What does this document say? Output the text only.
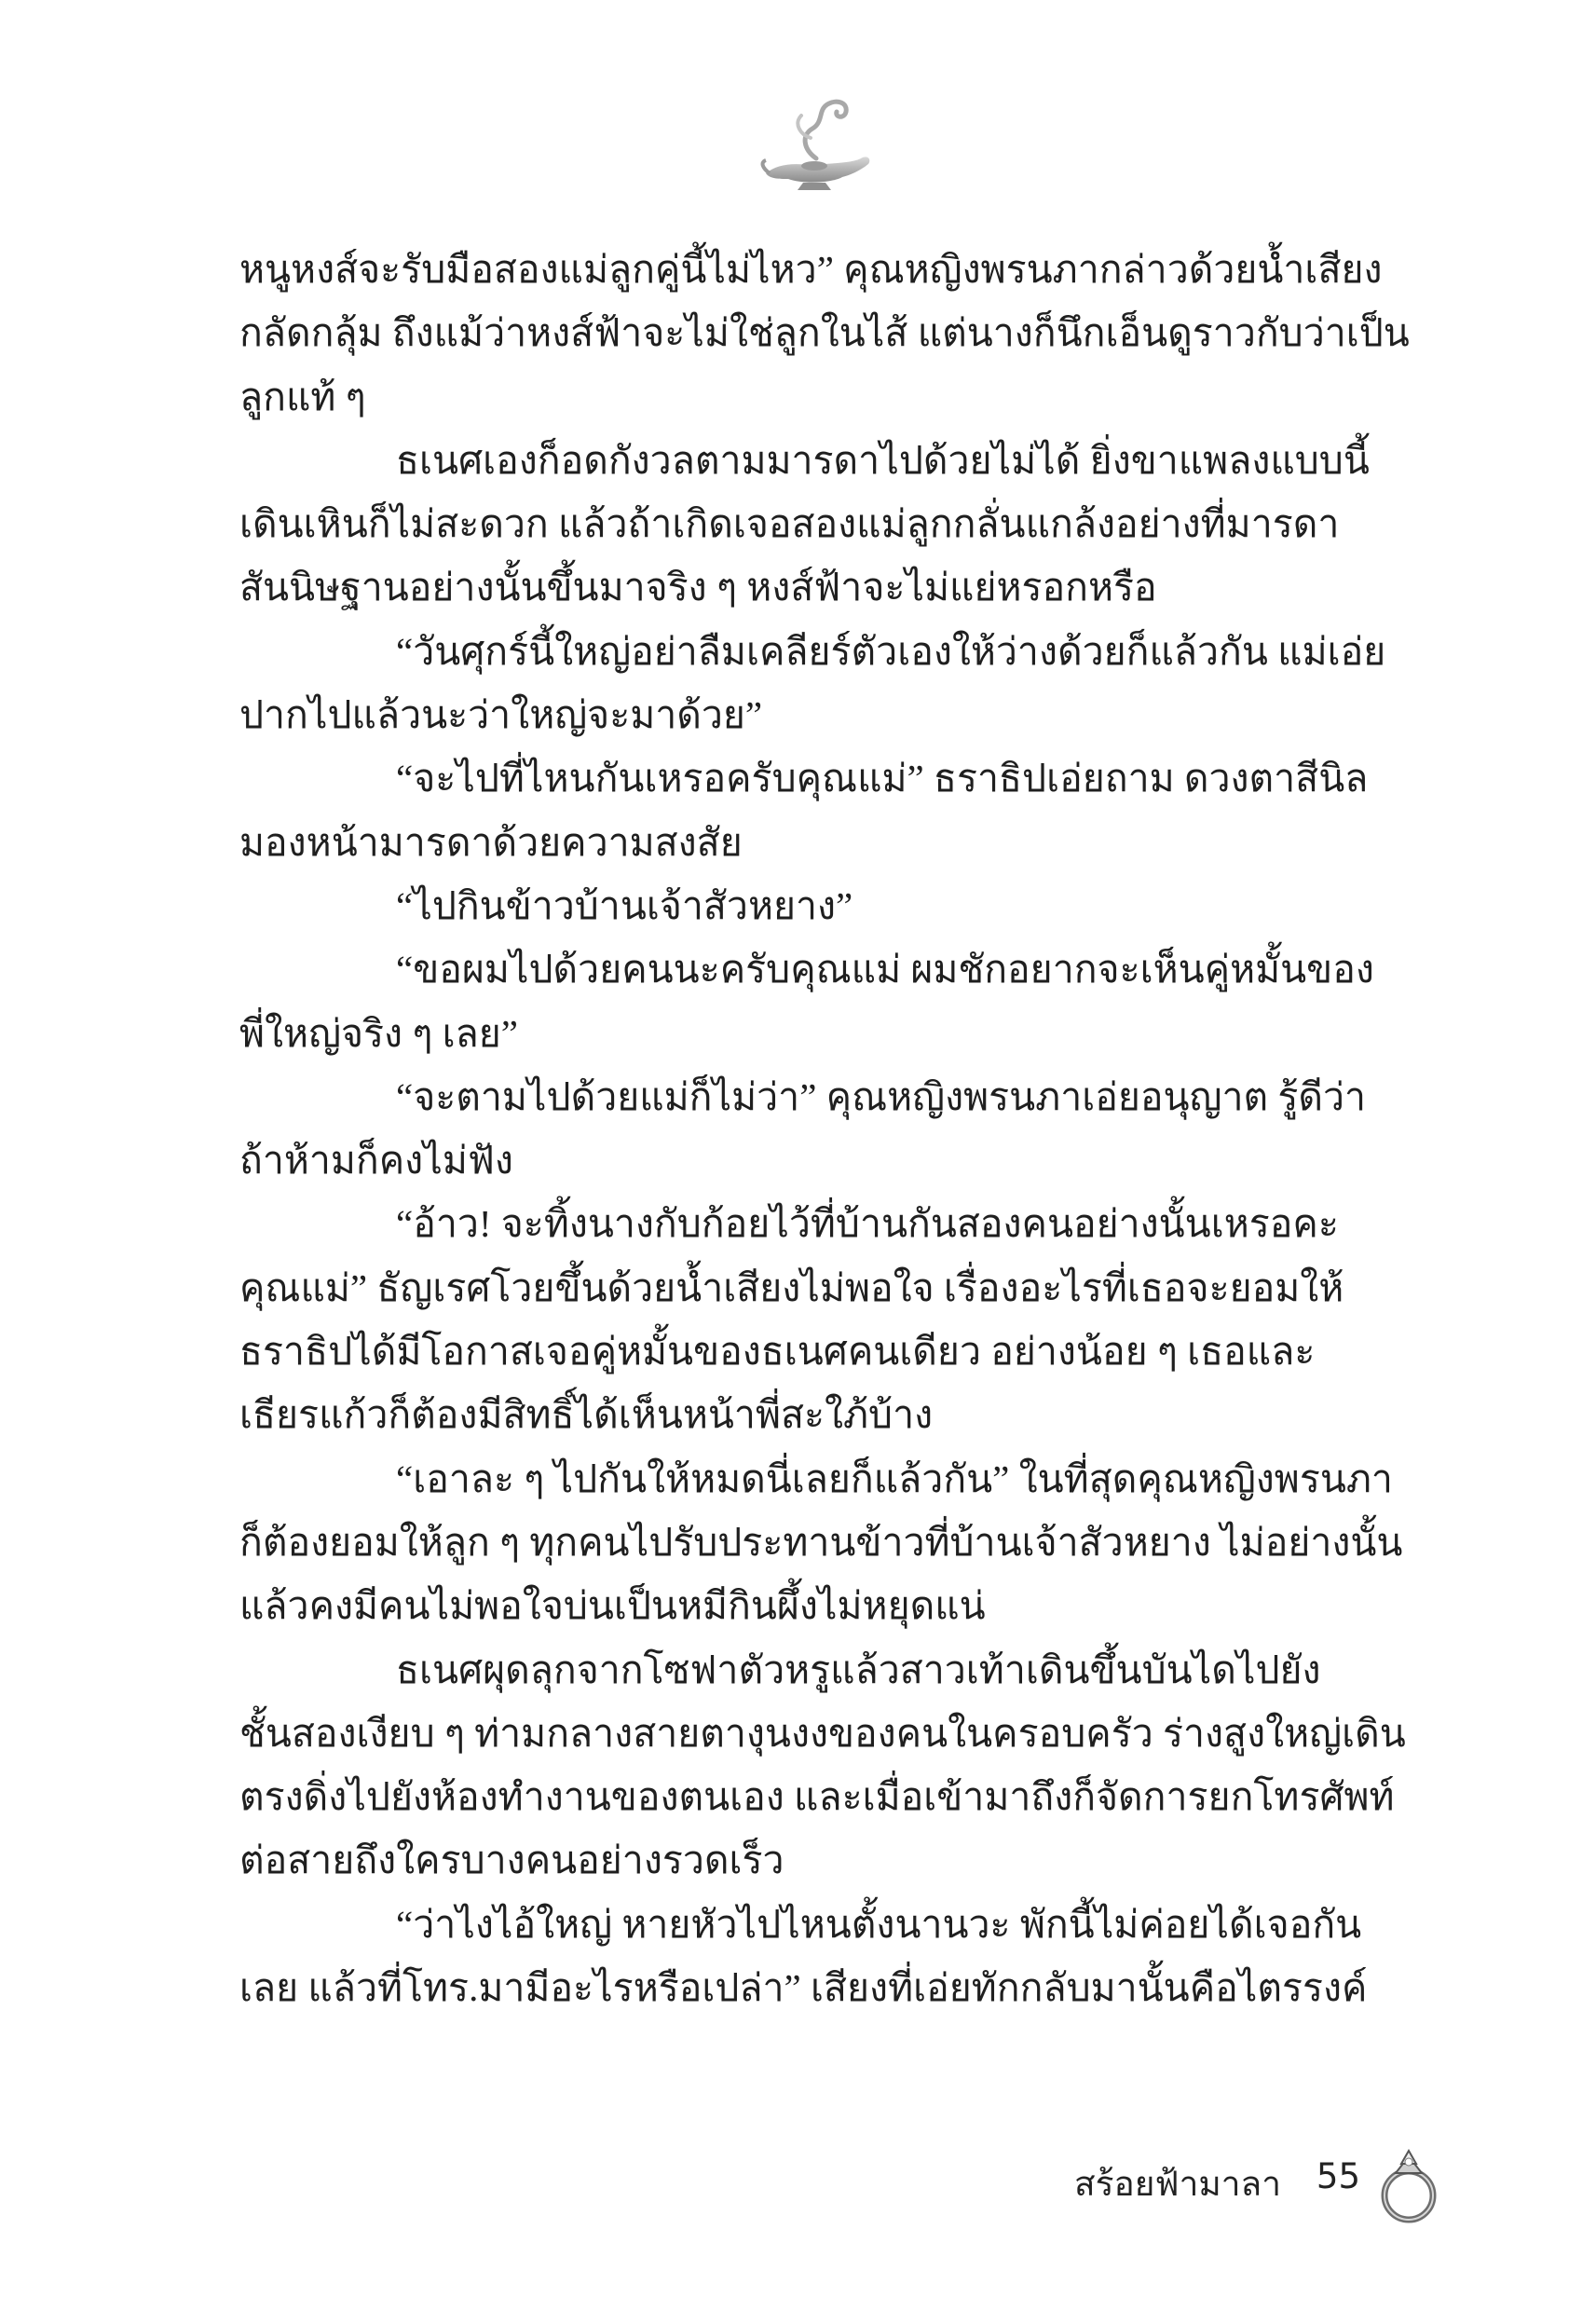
หนูหงส์จะรับมือสองแม่ลูกคู่นี้ไม่ไหว” คุณหญิงพรนภากล่าวด้วยน้ำเสียง
กลัดกลุ้ม ถึงแม้ว่าหงส์ฟ้าจะไม่ใช่ลูกในไส้ แต่นางก็นึกเอ็นดูราวกับว่าเป็น
ลูกแท้ ๆ
ธเนศเองก็อดกังวลตามมารดาไปด้วยไม่ได้ ยิ่งขาแพลงแบบนี้
เดินเหินก็ไม่สะดวก แล้วถ้าเกิดเจอสองแม่ลูกกลั่นแกล้งอย่างที่มารดา
สันนิษฐานอย่างนั้นขึ้นมาจริง ๆ หงส์ฟ้าจะไม่แย่หรอกหรือ
“วันศุกร์นี้ใหญ่อย่าลืมเคลียร์ตัวเองให้ว่างด้วยก็แล้วกัน แม่เอ่ย
ปากไปแล้วนะว่าใหญ่จะมาด้วย”
“จะไปที่ไหนกันเหรอครับคุณแม่” ธราธิปเอ่ยถาม ดวงตาสีนิล
มองหน้ามารดาด้วยความสงสัย
“ไปกินข้าวบ้านเจ้าสัวหยาง”
“ขอผมไปด้วยคนนะครับคุณแม่ ผมชักอยากจะเห็นคู่หมั้นของ
พี่ใหญ่จริง ๆ เลย”
“จะตามไปด้วยแม่ก็ไม่ว่า” คุณหญิงพรนภาเอ่ยอนุญาต รู้ดีว่า
ถ้าห้ามก็คงไม่ฟัง
“อ้าว! จะทิ้งนางกับก้อยไว้ที่บ้านกันสองคนอย่างนั้นเหรอคะ
คุณแม่” ธัญเรศโวยขึ้นด้วยน้ำเสียงไม่พอใจ เรื่องอะไรที่เธอจะยอมให้
ธราธิปได้มีโอกาสเจอคู่หมั้นของธเนศคนเดียว อย่างน้อย ๆ เธอและ
เธียรแก้วก็ต้องมีสิทธิ์ได้เห็นหน้าพี่สะใภ้บ้าง
“เอาละ ๆ ไปกันให้หมดนี่เลยก็แล้วกัน” ในที่สุดคุณหญิงพรนภา
ก็ต้องยอมให้ลูก ๆ ทุกคนไปรับประทานข้าวที่บ้านเจ้าสัวหยาง ไม่อย่างนั้น
แล้วคงมีคนไม่พอใจบ่นเป็นหมีกินผึ้งไม่หยุดแน่
ธเนศผุดลุกจากโซฟาตัวหรูแล้วสาวเท้าเดินขึ้นบันไดไปยัง
ชั้นสองเงียบ ๆ ท่ามกลางสายตางุนงงของคนในครอบครัว ร่างสูงใหญ่เดิน
ตรงดิ่งไปยังห้องทำงานของตนเอง และเมื่อเข้ามาถึงก็จัดการยกโทรศัพท์
ต่อสายถึงใครบางคนอย่างรวดเร็ว
“ว่าไงไอ้ใหญ่ หายหัวไปไหนตั้งนานวะ พักนี้ไม่ค่อยได้เจอกัน
เลย แล้วที่โทร.มามีอะไรหรือเปล่า” เสียงที่เอ่ยทักกลับมานั้นคือไตรรงค์
สร้อยฟ้ามาลา 55
